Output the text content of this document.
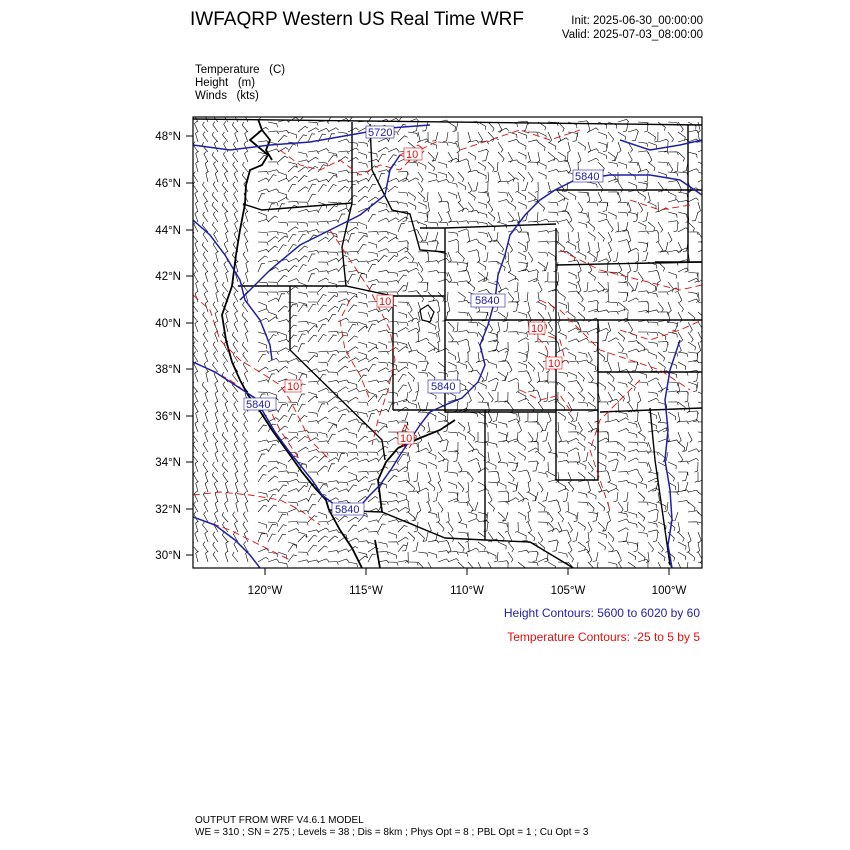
IWFAQRP Western US Real Time WRF	Init: 2025-06-30_00:00:00
Valid: 2025-07-03_08:00:00
Temperature   (C)
Height   (m)
Winds   (kts)
5720
5840
5840
5840
5840
5840
10
10
10
10
10
10
48°N
46°N
44°N
42°N
40°N
38°N
36°N
34°N
32°N
30°N
120°W	115°W	110°W	105°W	100°W
Height Contours: 5600 to 6020 by 60
Temperature Contours: -25 to 5 by 5
OUTPUT FROM WRF V4.6.1 MODEL
WE = 310 ; SN = 275 ; Levels = 38 ; Dis = 8km ; Phys Opt = 8 ; PBL Opt = 1 ; Cu Opt = 3
